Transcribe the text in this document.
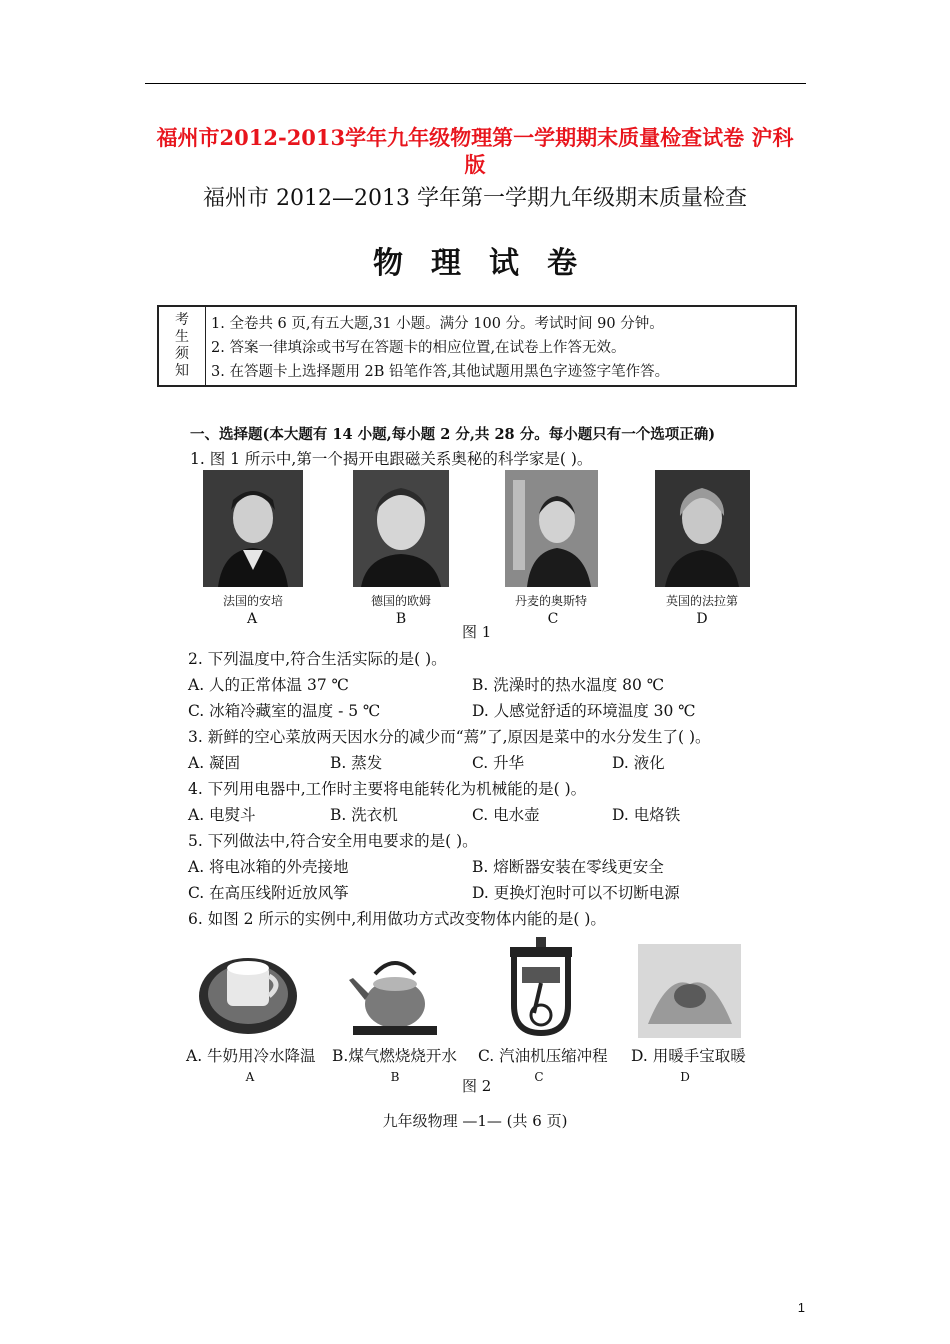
福州市2012-2013学年九年级物理第一学期期末质量检查试卷 沪科
版
福州市 2012—2013 学年第一学期九年级期末质量检查
物理试卷
考
生
须
知
1. 全卷共 6 页,有五大题,31 小题。满分 100 分。考试时间 90 分钟。
2. 答案一律填涂或书写在答题卡的相应位置,在试卷上作答无效。
3. 在答题卡上选择题用 2B 铅笔作答,其他试题用黑色字迹签字笔作答。
一、选择题(本大题有 14 小题,每小题 2 分,共 28 分。每小题只有一个选项正确)
1. 图 1 所示中,第一个揭开电跟磁关系奥秘的科学家是( )。
法国的安培	德国的欧姆	丹麦的奥斯特	英国的法拉第
A	B	C	D
图 1
2. 下列温度中,符合生活实际的是( )。
A. 人的正常体温 37 ℃	B. 洗澡时的热水温度 80 ℃
C. 冰箱冷藏室的温度 - 5 ℃	D. 人感觉舒适的环境温度 30 ℃
3. 新鲜的空心菜放两天因水分的减少而“蔫”了,原因是菜中的水分发生了( )。
A. 凝固	B. 蒸发	C. 升华	D. 液化
4. 下列用电器中,工作时主要将电能转化为机械能的是( )。
A. 电熨斗	B. 洗衣机	C. 电水壶	D. 电烙铁
5. 下列做法中,符合安全用电要求的是( )。
A. 将电冰箱的外壳接地	B. 熔断器安装在零线更安全
C. 在高压线附近放风筝	D. 更换灯泡时可以不切断电源
6. 如图 2 所示的实例中,利用做功方式改变物体内能的是( )。
A. 牛奶用冷水降温 B.煤气燃烧烧开水 C. 汽油机压缩冲程 D. 用暖手宝取暖
A	B	C	D
图 2
九年级物理 —1— (共 6 页)
1
